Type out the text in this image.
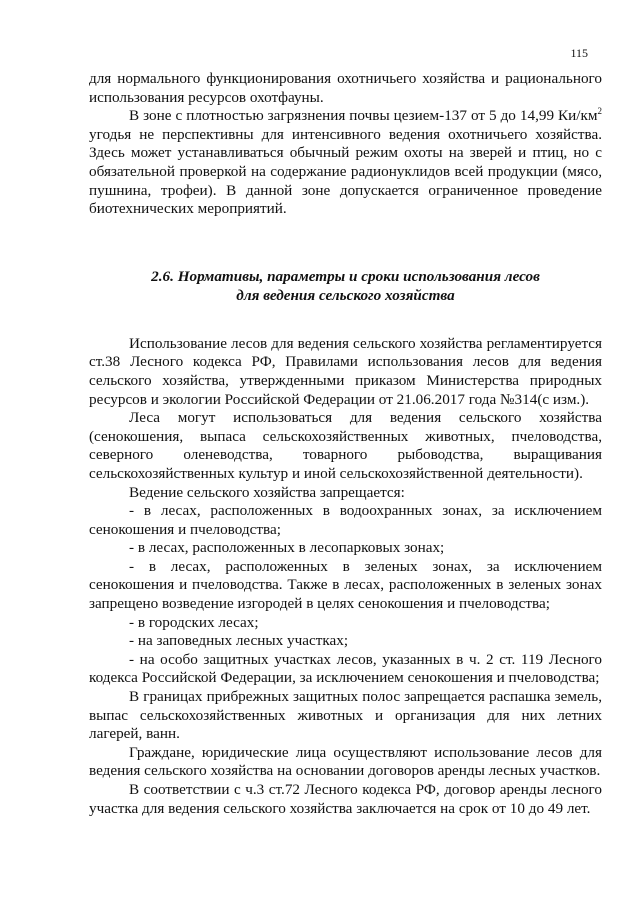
115

для нормального функционирования охотничьего хозяйства и рационального использования ресурсов охотфауны.

В зоне с плотностью загрязнения почвы цезием-137 от 5 до 14,99 $Ки/км^2$ угодья не перспективны для интенсивного ведения охотничьего хозяйства. Здесь может устанавливаться обычный режим охоты на зверей и птиц, но с обязательной проверкой на содержание радионуклидов всей продукции (мясо, пушнина, трофеи). В данной зоне допускается ограниченное проведение биотехнических мероприятий.

2.6. Нормативы, параметры и сроки использования лесов
для ведения сельского хозяйства

Использование лесов для ведения сельского хозяйства регламентируется ст.38 Лесного кодекса РФ, Правилами использования лесов для ведения сельского хозяйства, утвержденными приказом Министерства природных ресурсов и экологии Российской Федерации от 21.06.2017 года №314(с изм.).

Леса могут использоваться для ведения сельского хозяйства (сенокошения, выпаса сельскохозяйственных животных, пчеловодства, северного оленеводства, товарного рыбоводства, выращивания сельскохозяйственных культур и иной сельскохозяйственной деятельности).

Ведение сельского хозяйства запрещается:

- в лесах, расположенных в водоохранных зонах, за исключением сенокошения и пчеловодства;

- в лесах, расположенных в лесопарковых зонах;

- в лесах, расположенных в зеленых зонах, за исключением сенокошения и пчеловодства. Также в лесах, расположенных в зеленых зонах запрещено возведение изгородей в целях сенокошения и пчеловодства;

- в городских лесах;

- на заповедных лесных участках;

- на особо защитных участках лесов, указанных в ч. 2 ст. 119 Лесного кодекса Российской Федерации, за исключением сенокошения и пчеловодства;

В границах прибрежных защитных полос запрещается распашка земель, выпас сельскохозяйственных животных и организация для них летних лагерей, ванн.

Граждане, юридические лица осуществляют использование лесов для ведения сельского хозяйства на основании договоров аренды лесных участков.

В соответствии с ч.3 ст.72 Лесного кодекса РФ, договор аренды лесного участка для ведения сельского хозяйства заключается на срок от 10 до 49 лет.
